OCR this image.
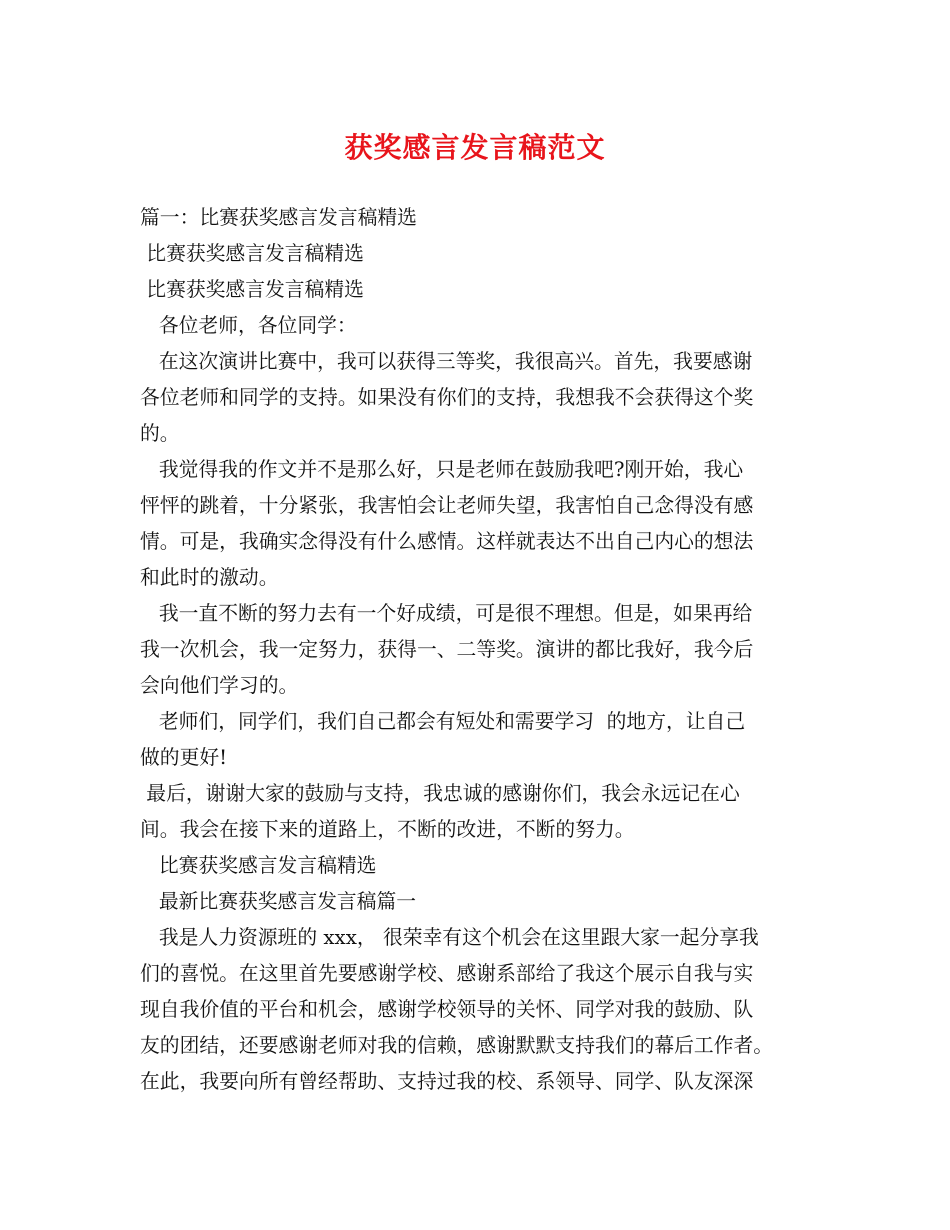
获奖感言发言稿范文
篇一：比赛获奖感言发言稿精选
比赛获奖感言发言稿精选
比赛获奖感言发言稿精选
各位老师，各位同学：
在这次演讲比赛中，我可以获得三等奖，我很高兴。首先，我要感谢
各位老师和同学的支持。如果没有你们的支持，我想我不会获得这个奖
的。
我觉得我的作文并不是那么好，只是老师在鼓励我吧?刚开始，我心
怦怦的跳着，十分紧张，我害怕会让老师失望，我害怕自己念得没有感
情。可是，我确实念得没有什么感情。这样就表达不出自己内心的想法
和此时的激动。
我一直不断的努力去有一个好成绩，可是很不理想。但是，如果再给
我一次机会，我一定努力，获得一、二等奖。演讲的都比我好，我今后
会向他们学习的。
老师们，同学们，我们自己都会有短处和需要学习  的地方，让自己
做的更好!
最后，谢谢大家的鼓励与支持，我忠诚的感谢你们，我会永远记在心
间。我会在接下来的道路上，不断的改进，不断的努力。
比赛获奖感言发言稿精选
最新比赛获奖感言发言稿篇一
我是人力资源班的 xxx， 很荣幸有这个机会在这里跟大家一起分享我
们的喜悦。在这里首先要感谢学校、感谢系部给了我这个展示自我与实
现自我价值的平台和机会，感谢学校领导的关怀、同学对我的鼓励、队
友的团结，还要感谢老师对我的信赖，感谢默默支持我们的幕后工作者。
在此，我要向所有曾经帮助、支持过我的校、系领导、同学、队友深深
